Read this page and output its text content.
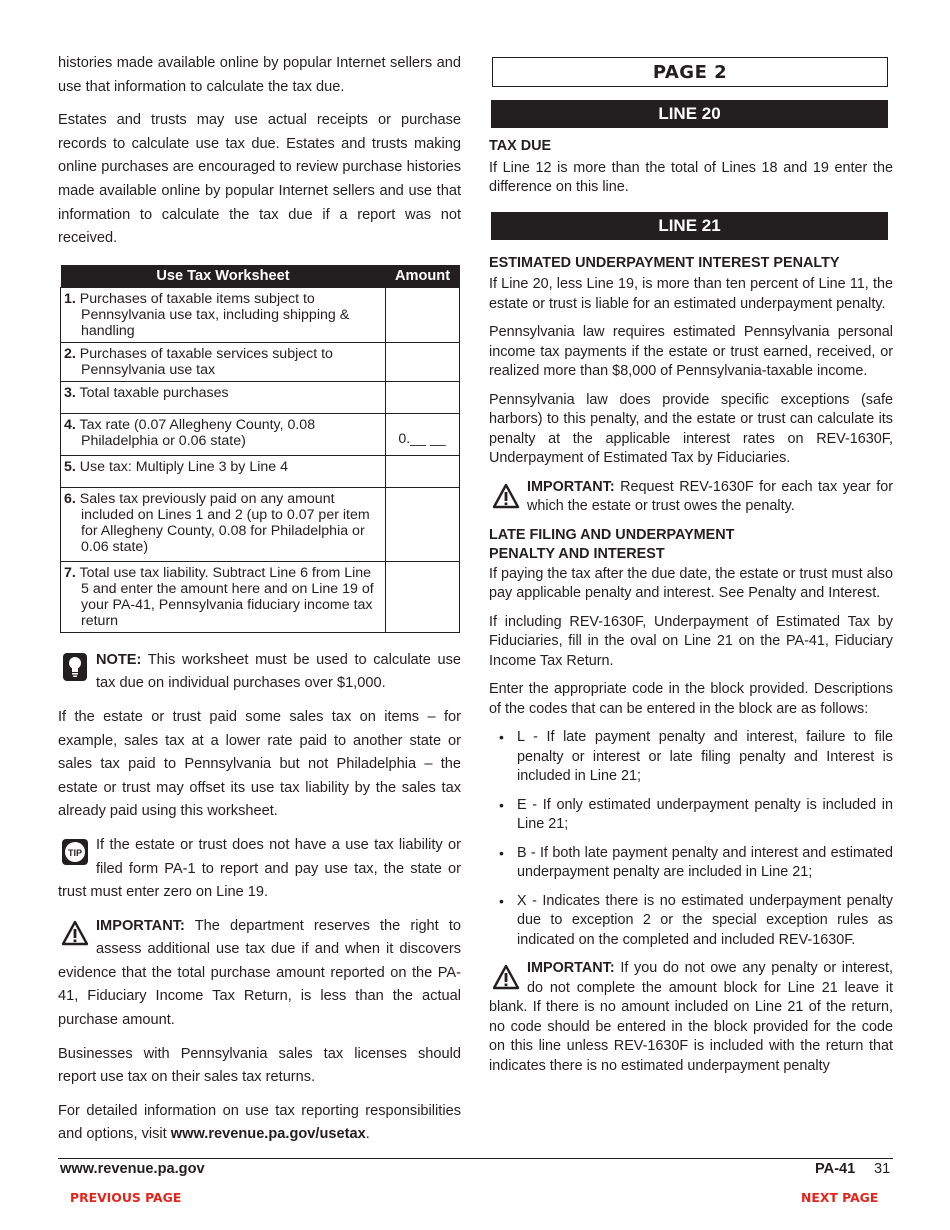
histories made available online by popular Internet sellers and use that information to calculate the tax due.

Estates and trusts may use actual receipts or purchase records to calculate use tax due. Estates and trusts making online purchases are encouraged to review purchase histories made available online by popular Internet sellers and use that information to calculate the tax due if a report was not received.

Use Tax Worksheet	Amount

1. Purchases of taxable items subject to Pennsylvania use tax, including shipping & handling	

2. Purchases of taxable services subject to Pennsylvania use tax	

3. Total taxable purchases	

4. Tax rate (0.07 Allegheny County, 0.08 Philadelphia or 0.06 state)	0.__ __

5. Use tax: Multiply Line 3 by Line 4	

6. Sales tax previously paid on any amount included on Lines 1 and 2 (up to 0.07 per item for Allegheny County, 0.08 for Philadelphia or 0.06 state)	

7. Total use tax liability. Subtract Line 6 from Line 5 and enter the amount here and on Line 19 of your PA-41, Pennsylvania fiduciary income tax return	

NOTE: This worksheet must be used to calculate use tax due on individual purchases over $1,000.

If the estate or trust paid some sales tax on items – for example, sales tax at a lower rate paid to another state or sales tax paid to Pennsylvania but not Philadelphia – the estate or trust may offset its use tax liability by the sales tax already paid using this worksheet.

TIP If the estate or trust does not have a use tax liability or filed form PA-1 to report and pay use tax, the state or trust must enter zero on Line 19.

IMPORTANT: The department reserves the right to assess additional use tax due if and when it discovers evidence that the total purchase amount reported on the PA-41, Fiduciary Income Tax Return, is less than the actual purchase amount.

Businesses with Pennsylvania sales tax licenses should report use tax on their sales tax returns.

For detailed information on use tax reporting responsibilities and options, visit www.revenue.pa.gov/usetax.

PAGE 2
LINE 20
TAX DUE

If Line 12 is more than the total of Lines 18 and 19 enter the difference on this line.

LINE 21
ESTIMATED UNDERPAYMENT INTEREST PENALTY

If Line 20, less Line 19, is more than ten percent of Line 11, the estate or trust is liable for an estimated underpayment penalty.

Pennsylvania law requires estimated Pennsylvania personal income tax payments if the estate or trust earned, received, or realized more than $8,000 of Pennsylvania-taxable income.

Pennsylvania law does provide specific exceptions (safe harbors) to this penalty, and the estate or trust can calculate its penalty at the applicable interest rates on REV-1630F, Underpayment of Estimated Tax by Fiduciaries.

IMPORTANT: Request REV-1630F for each tax year for which the estate or trust owes the penalty.

LATE FILING AND UNDERPAYMENT
PENALTY AND INTEREST

If paying the tax after the due date, the estate or trust must also pay applicable penalty and interest. See Penalty and Interest.

If including REV-1630F, Underpayment of Estimated Tax by Fiduciaries, fill in the oval on Line 21 on the PA-41, Fiduciary Income Tax Return.

Enter the appropriate code in the block provided. Descriptions of the codes that can be entered in the block are as follows:

• L - If late payment penalty and interest, failure to file penalty or interest or late filing penalty and Interest is included in Line 21;
• E - If only estimated underpayment penalty is included in Line 21;
• B - If both late payment penalty and interest and estimated underpayment penalty are included in Line 21;
• X - Indicates there is no estimated underpayment penalty due to exception 2 or the special exception rules as indicated on the completed and included REV-1630F.

IMPORTANT: If you do not owe any penalty or interest, do not complete the amount block for Line 21 leave it blank. If there is no amount included on Line 21 of the return, no code should be entered in the block provided for the code on this line unless REV-1630F is included with the return that indicates there is no estimated underpayment penalty

www.revenue.pa.gov	PA-41 31
PREVIOUS PAGE	NEXT PAGE
